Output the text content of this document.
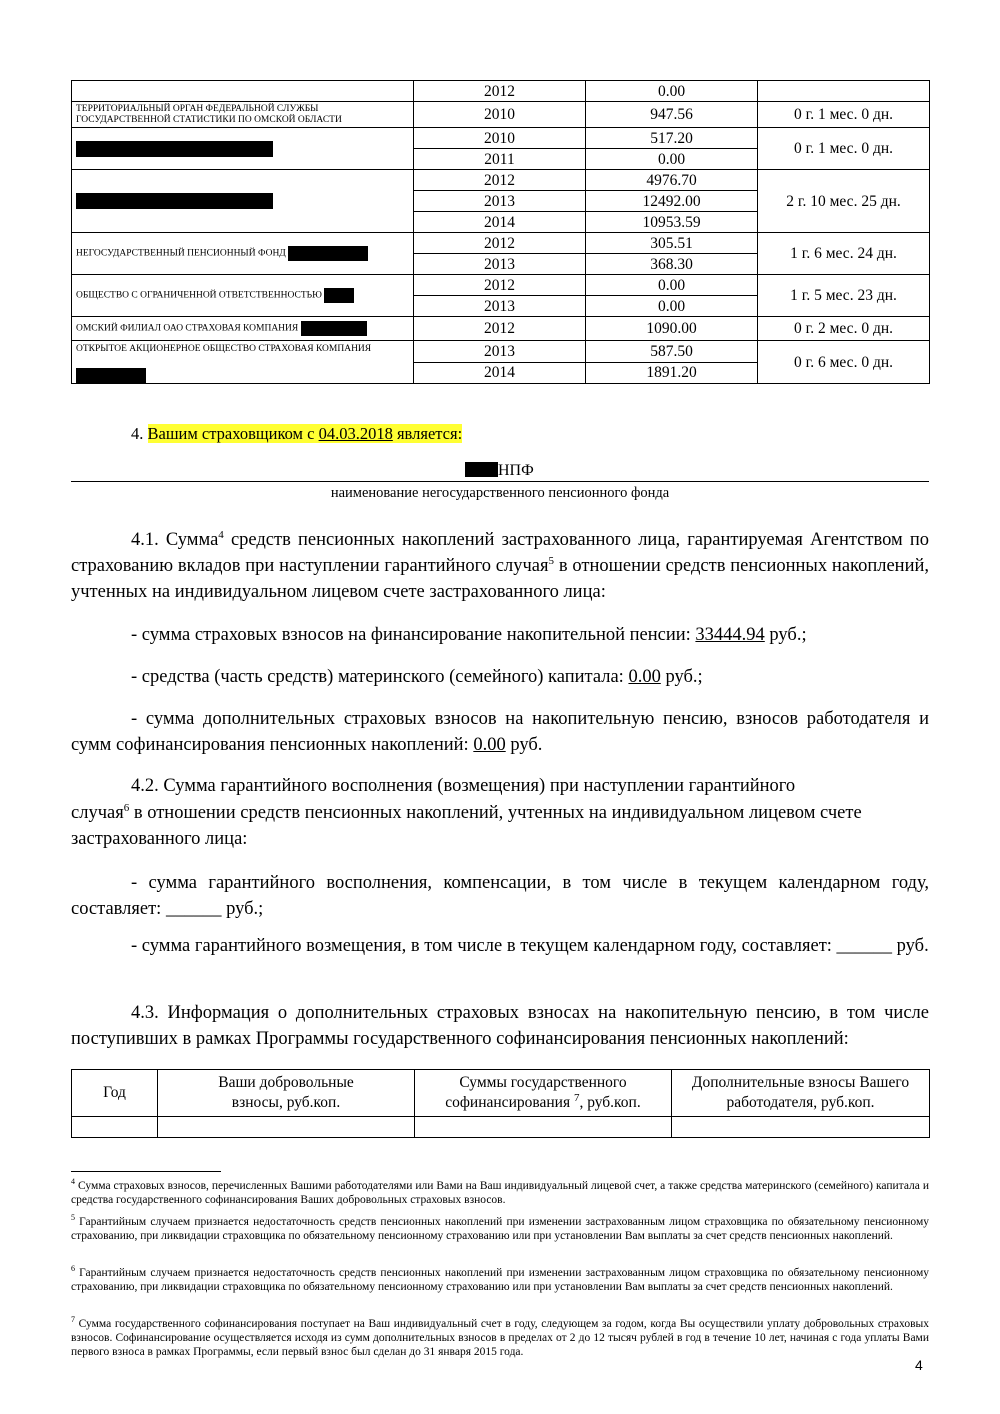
	2012	0.00	
ТЕРРИТОРИАЛЬНЫЙ ОРГАН ФЕДЕРАЛЬНОЙ СЛУЖБЫ ГОСУДАРСТВЕННОЙ СТАТИСТИКИ ПО ОМСКОЙ ОБЛАСТИ	2010	947.56	0 г. 1 мес. 0 дн.
	2010	517.20	0 г. 1 мес. 0 дн.
	2011	0.00	
	2012	4976.70	2 г. 10 мес. 25 дн.
	2013	12492.00	
	2014	10953.59	
НЕГОСУДАРСТВЕННЫЙ ПЕНСИОННЫЙ ФОНД	2012	305.51	1 г. 6 мес. 24 дн.
	2013	368.30	
ОБЩЕСТВО С ОГРАНИЧЕННОЙ ОТВЕТСТВЕННОСТЬЮ	2012	0.00	1 г. 5 мес. 23 дн.
	2013	0.00	
ОМСКИЙ ФИЛИАЛ ОАО СТРАХОВАЯ КОМПАНИЯ	2012	1090.00	0 г. 2 мес. 0 дн.
ОТКРЫТОЕ АКЦИОНЕРНОЕ ОБЩЕСТВО СТРАХОВАЯ КОМПАНИЯ	2013	587.50	0 г. 6 мес. 0 дн.
	2014	1891.20	
4. Вашим страховщиком с 04.03.2018 является:
НПФ
наименование негосударственного пенсионного фонда

4.1. Сумма$^4$ средств пенсионных накоплений застрахованного лица, гарантируемая Агентством по страхованию вкладов при наступлении гарантийного случая$^5$ в отношении средств пенсионных накоплений, учтенных на индивидуальном лицевом счете застрахованного лица:

- сумма страховых взносов на финансирование накопительной пенсии: 33444.94 руб.;

- средства (часть средств) материнского (семейного) капитала: 0.00 руб.;

- сумма дополнительных страховых взносов на накопительную пенсию, взносов работодателя и сумм софинансирования пенсионных накоплений: 0.00 руб.

4.2. Сумма гарантийного восполнения (возмещения) при наступлении гарантийного

случая$^6$ в отношении средств пенсионных накоплений, учтенных на индивидуальном лицевом счете застрахованного лица:

- сумма гарантийного восполнения, компенсации, в том числе в текущем календарном году, составляет: ______ руб.;

- сумма гарантийного возмещения, в том числе в текущем календарном году, составляет: ______ руб.

4.3. Информация о дополнительных страховых взносах на накопительную пенсию, в том числе поступивших в рамках Программы государственного софинансирования пенсионных накоплений:

Год	Ваши добровольные взносы, руб.коп.	Суммы государственного софинансирования $^7$, руб.коп.	Дополнительные взносы Вашего работодателя, руб.коп.

$^4$ Сумма страховых взносов, перечисленных Вашими работодателями или Вами на Ваш индивидуальный лицевой счет, а также средства материнского (семейного) капитала и средства государственного софинансирования Ваших добровольных страховых взносов.

$^5$ Гарантийным случаем признается недостаточность средств пенсионных накоплений при изменении застрахованным лицом страховщика по обязательному пенсионному страхованию, при ликвидации страховщика по обязательному пенсионному страхованию или при установлении Вам выплаты за счет средств пенсионных накоплений.

$^6$ Гарантийным случаем признается недостаточность средств пенсионных накоплений при изменении застрахованным лицом страховщика по обязательному пенсионному страхованию, при ликвидации страховщика по обязательному пенсионному страхованию или при установлении Вам выплаты за счет средств пенсионных накоплений.

$^7$ Сумма государственного софинансирования поступает на Ваш индивидуальный счет в году, следующем за годом, когда Вы осуществили уплату добровольных страховых взносов. Софинансирование осуществляется исходя из сумм дополнительных взносов в пределах от 2 до 12 тысяч рублей в год в течение 10 лет, начиная с года уплаты Вами первого взноса в рамках Программы, если первый взнос был сделан до 31 января 2015 года.

4
